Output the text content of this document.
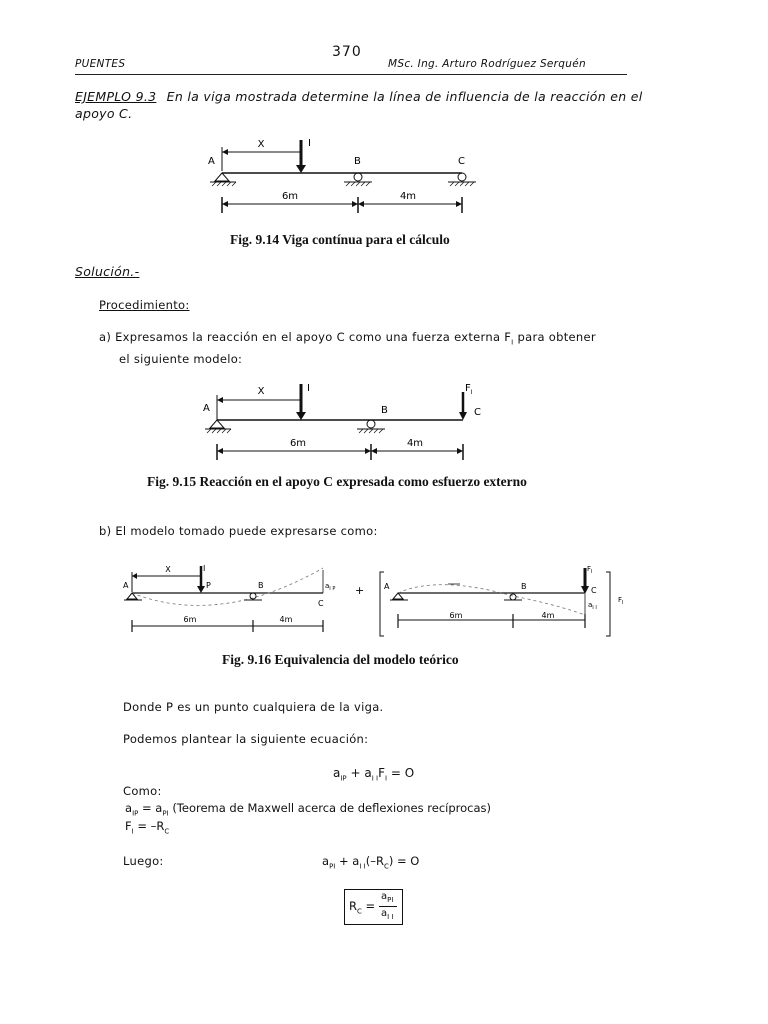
370
PUENTES	MSc. Ing. Arturo Rodríguez Serquén
EJEMPLO 9.3 En la viga mostrada determine la línea de influencia de la reacción en el
apoyo C.
X	I
A	B	C
6m	4m
Fig. 9.14 Viga contínua para el cálculo
Solución.-
Procedimiento:
a) Expresamos la reacción en el apoyo C como una fuerza externa $F_I$ para obtener
el siguiente modelo:
X	I
A	B
$F_I$
C
6m	4m
Fig. 9.15 Reacción en el apoyo C expresada como esfuerzo externo
b) El modelo tomado puede expresarse como:
X	I
P
A	B	$a_{I P}$
C
6m	4m
+ A	B
$F_I$
C
$a_{I I}$
$F_I$
6m	4m
Fig. 9.16 Equivalencia del modelo teórico
Donde P es un punto cualquiera de la viga.
Podemos plantear la siguiente ecuación:
$a_{IP} + a_{I I}F_I = O$
Como:
$a_{IP} = a_{PI}$ (Teorema de Maxwell acerca de deflexiones recíprocas)
$F_I = -R_C$
Luego:	$a_{PI} + a_{I I}(-R_C) = O$
$R_C$ =
$a_{PI}$
$a_{I I}$
